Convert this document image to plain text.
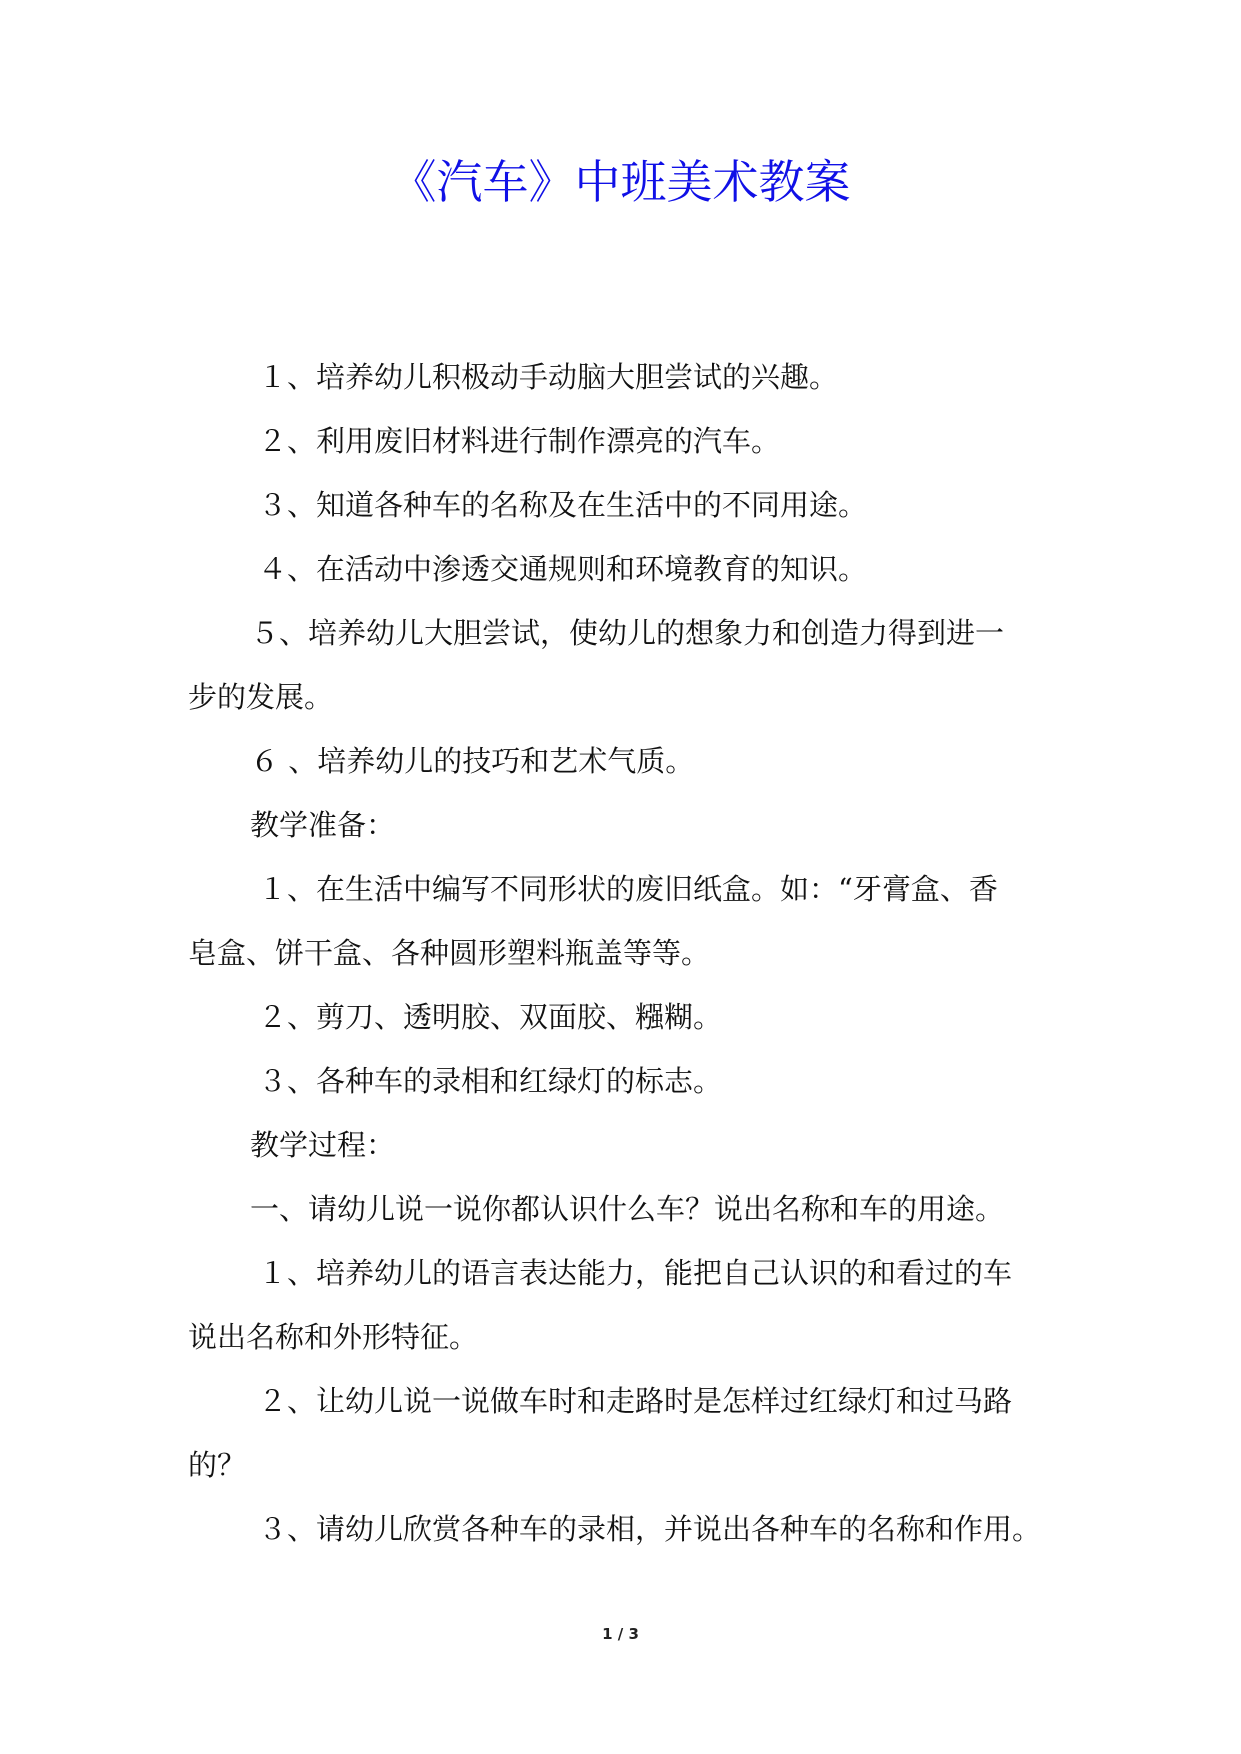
《汽车》中班美术教案
１、培养幼儿积极动手动脑大胆尝试的兴趣。
２、利用废旧材料进行制作漂亮的汽车。
３、知道各种车的名称及在生活中的不同用途。
４、在活动中渗透交通规则和环境教育的知识。
５、培养幼儿大胆尝试，使幼儿的想象力和创造力得到进一
步的发展。
６ 、培养幼儿的技巧和艺术气质。
教学准备：
１、在生活中编写不同形状的废旧纸盒。如：“牙膏盒、香
皂盒、饼干盒、各种圆形塑料瓶盖等等。
２、剪刀、透明胶、双面胶、糨糊。
３、各种车的录相和红绿灯的标志。
教学过程：
一、请幼儿说一说你都认识什么车？说出名称和车的用途。
１、培养幼儿的语言表达能力，能把自己认识的和看过的车
说出名称和外形特征。
２、让幼儿说一说做车时和走路时是怎样过红绿灯和过马路
的？
３、请幼儿欣赏各种车的录相，并说出各种车的名称和作用。
1 / 3
